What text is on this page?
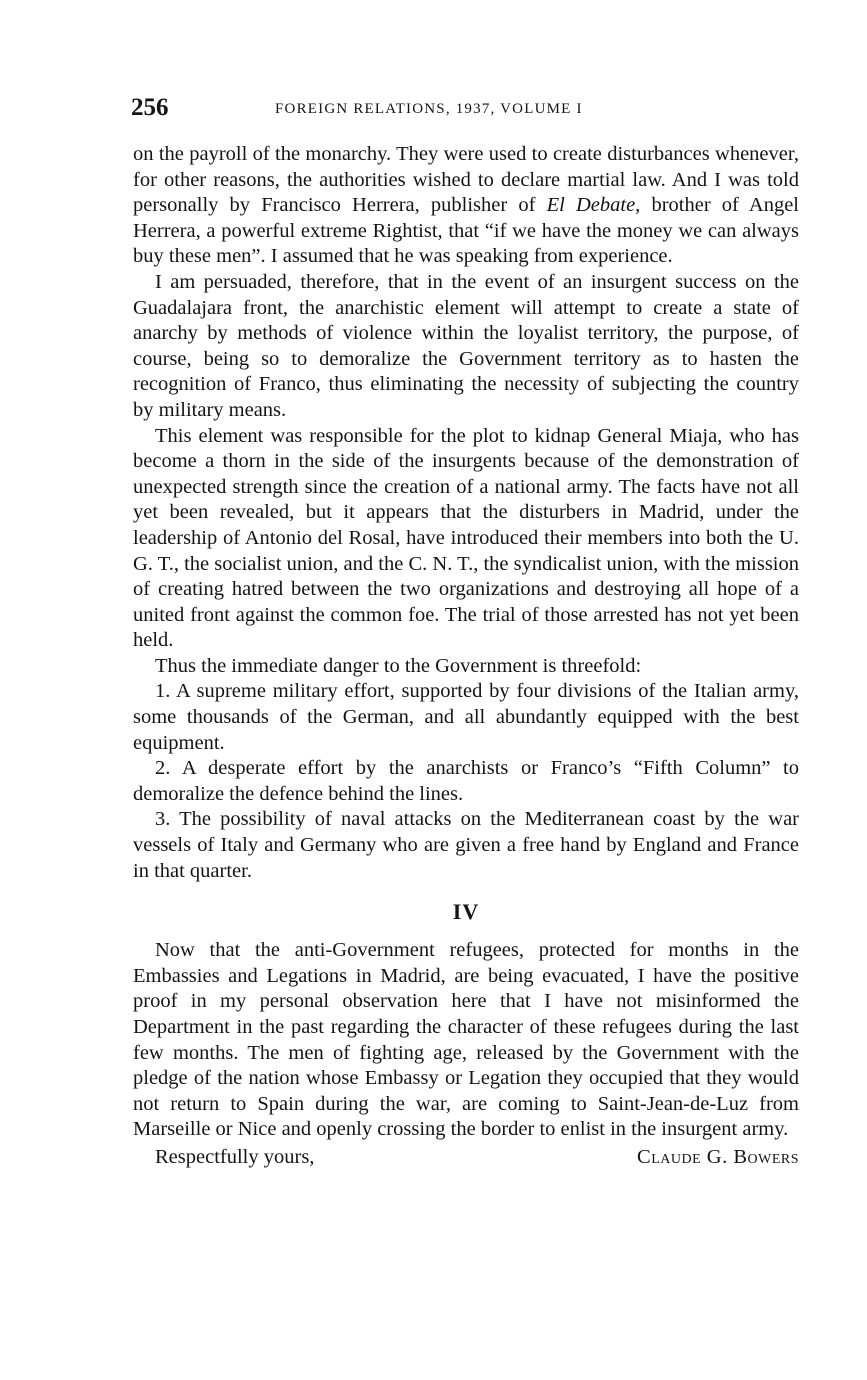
256	FOREIGN RELATIONS, 1937, VOLUME I

on the payroll of the monarchy. They were used to create disturbances whenever, for other reasons, the authorities wished to declare martial law. And I was told personally by Francisco Herrera, publisher of El Debate, brother of Angel Herrera, a powerful extreme Rightist, that “if we have the money we can always buy these men”. I assumed that he was speaking from experience.

I am persuaded, therefore, that in the event of an insurgent success on the Guadalajara front, the anarchistic element will attempt to create a state of anarchy by methods of violence within the loyalist territory, the purpose, of course, being so to demoralize the Government territory as to hasten the recognition of Franco, thus eliminating the necessity of subjecting the country by military means.

This element was responsible for the plot to kidnap General Miaja, who has become a thorn in the side of the insurgents because of the demonstration of unexpected strength since the creation of a national army. The facts have not all yet been revealed, but it appears that the disturbers in Madrid, under the leadership of Antonio del Rosal, have introduced their members into both the U. G. T., the socialist union, and the C. N. T., the syndicalist union, with the mission of creating hatred between the two organizations and destroying all hope of a united front against the common foe. The trial of those arrested has not yet been held.

Thus the immediate danger to the Government is threefold:

1. A supreme military effort, supported by four divisions of the Italian army, some thousands of the German, and all abundantly equipped with the best equipment.

2. A desperate effort by the anarchists or Franco’s “Fifth Column” to demoralize the defence behind the lines.

3. The possibility of naval attacks on the Mediterranean coast by the war vessels of Italy and Germany who are given a free hand by England and France in that quarter.

IV

Now that the anti-Government refugees, protected for months in the Embassies and Legations in Madrid, are being evacuated, I have the positive proof in my personal observation here that I have not misinformed the Department in the past regarding the character of these refugees during the last few months. The men of fighting age, released by the Government with the pledge of the nation whose Embassy or Legation they occupied that they would not return to Spain during the war, are coming to Saint-Jean-de-Luz from Marseille or Nice and openly crossing the border to enlist in the insurgent army.

Respectfully yours,	Claude G. Bowers
